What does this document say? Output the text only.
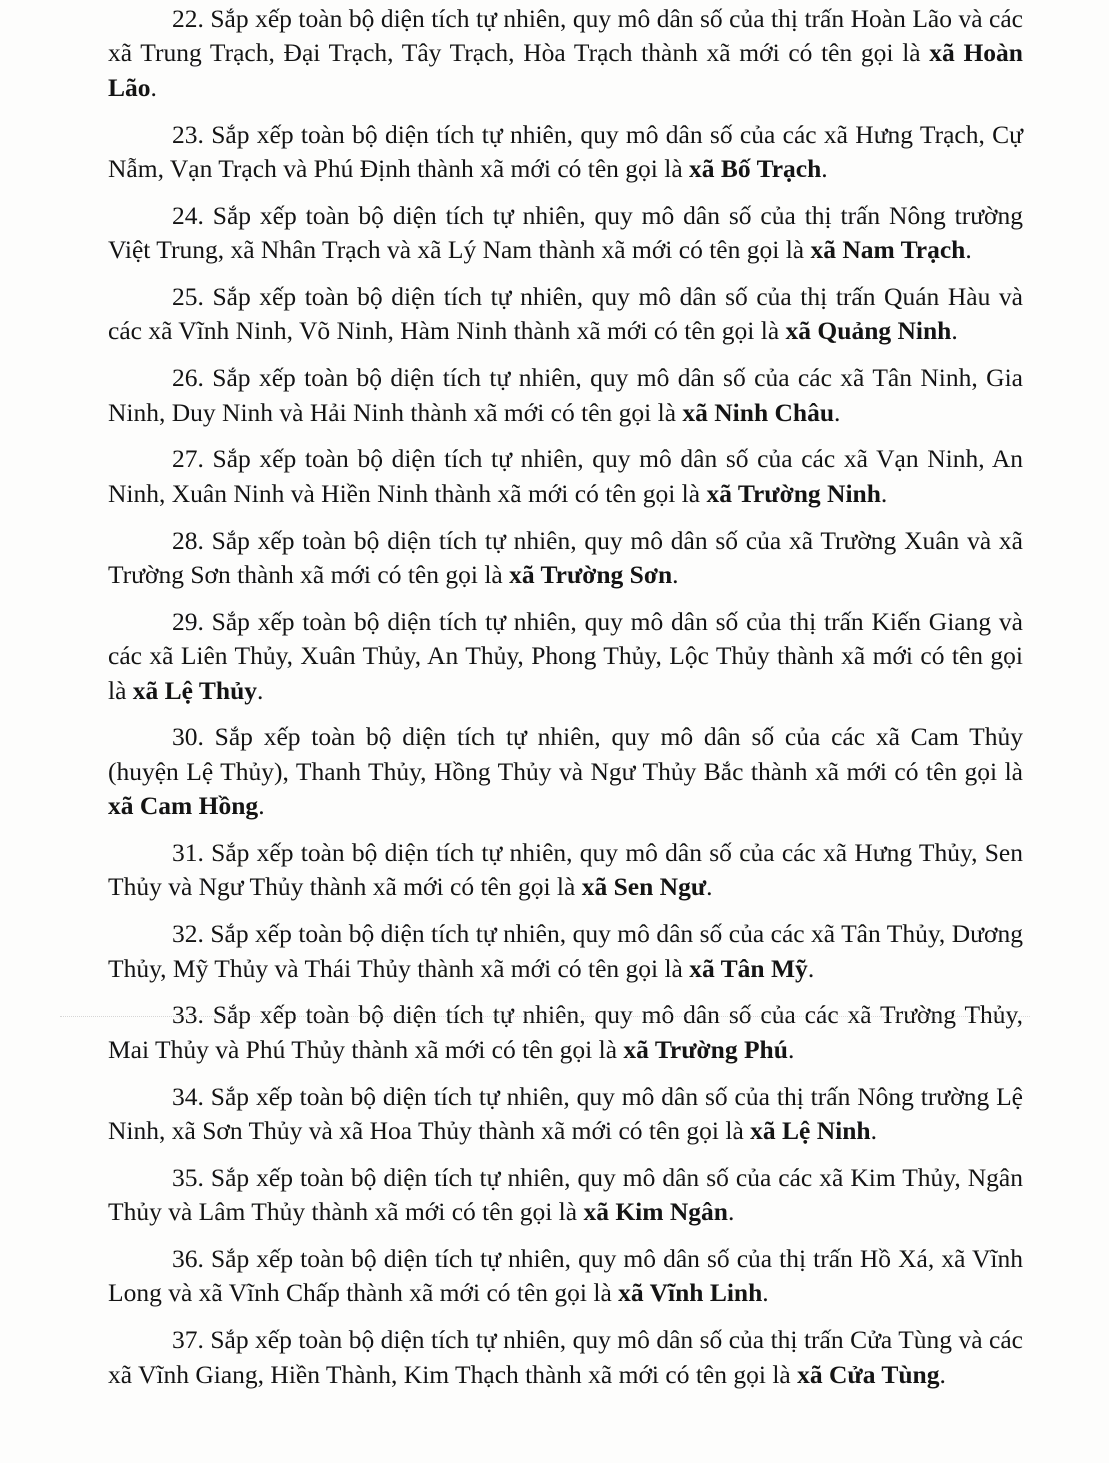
22. Sắp xếp toàn bộ diện tích tự nhiên, quy mô dân số của thị trấn Hoàn Lão và các xã Trung Trạch, Đại Trạch, Tây Trạch, Hòa Trạch thành xã mới có tên gọi là xã Hoàn Lão.

23. Sắp xếp toàn bộ diện tích tự nhiên, quy mô dân số của các xã Hưng Trạch, Cự Nẫm, Vạn Trạch và Phú Định thành xã mới có tên gọi là xã Bố Trạch.

24. Sắp xếp toàn bộ diện tích tự nhiên, quy mô dân số của thị trấn Nông trường Việt Trung, xã Nhân Trạch và xã Lý Nam thành xã mới có tên gọi là xã Nam Trạch.

25. Sắp xếp toàn bộ diện tích tự nhiên, quy mô dân số của thị trấn Quán Hàu và các xã Vĩnh Ninh, Võ Ninh, Hàm Ninh thành xã mới có tên gọi là xã Quảng Ninh.

26. Sắp xếp toàn bộ diện tích tự nhiên, quy mô dân số của các xã Tân Ninh, Gia Ninh, Duy Ninh và Hải Ninh thành xã mới có tên gọi là xã Ninh Châu.

27. Sắp xếp toàn bộ diện tích tự nhiên, quy mô dân số của các xã Vạn Ninh, An Ninh, Xuân Ninh và Hiền Ninh thành xã mới có tên gọi là xã Trường Ninh.

28. Sắp xếp toàn bộ diện tích tự nhiên, quy mô dân số của xã Trường Xuân và xã Trường Sơn thành xã mới có tên gọi là xã Trường Sơn.

29. Sắp xếp toàn bộ diện tích tự nhiên, quy mô dân số của thị trấn Kiến Giang và các xã Liên Thủy, Xuân Thủy, An Thủy, Phong Thủy, Lộc Thủy thành xã mới có tên gọi là xã Lệ Thủy.

30. Sắp xếp toàn bộ diện tích tự nhiên, quy mô dân số của các xã Cam Thủy (huyện Lệ Thủy), Thanh Thủy, Hồng Thủy và Ngư Thủy Bắc thành xã mới có tên gọi là xã Cam Hồng.

31. Sắp xếp toàn bộ diện tích tự nhiên, quy mô dân số của các xã Hưng Thủy, Sen Thủy và Ngư Thủy thành xã mới có tên gọi là xã Sen Ngư.

32. Sắp xếp toàn bộ diện tích tự nhiên, quy mô dân số của các xã Tân Thủy, Dương Thủy, Mỹ Thủy và Thái Thủy thành xã mới có tên gọi là xã Tân Mỹ.

33. Sắp xếp toàn bộ diện tích tự nhiên, quy mô dân số của các xã Trường Thủy, Mai Thủy và Phú Thủy thành xã mới có tên gọi là xã Trường Phú.

34. Sắp xếp toàn bộ diện tích tự nhiên, quy mô dân số của thị trấn Nông trường Lệ Ninh, xã Sơn Thủy và xã Hoa Thủy thành xã mới có tên gọi là xã Lệ Ninh.

35. Sắp xếp toàn bộ diện tích tự nhiên, quy mô dân số của các xã Kim Thủy, Ngân Thủy và Lâm Thủy thành xã mới có tên gọi là xã Kim Ngân.

36. Sắp xếp toàn bộ diện tích tự nhiên, quy mô dân số của thị trấn Hồ Xá, xã Vĩnh Long và xã Vĩnh Chấp thành xã mới có tên gọi là xã Vĩnh Linh.

37. Sắp xếp toàn bộ diện tích tự nhiên, quy mô dân số của thị trấn Cửa Tùng và các xã Vĩnh Giang, Hiền Thành, Kim Thạch thành xã mới có tên gọi là xã Cửa Tùng.
